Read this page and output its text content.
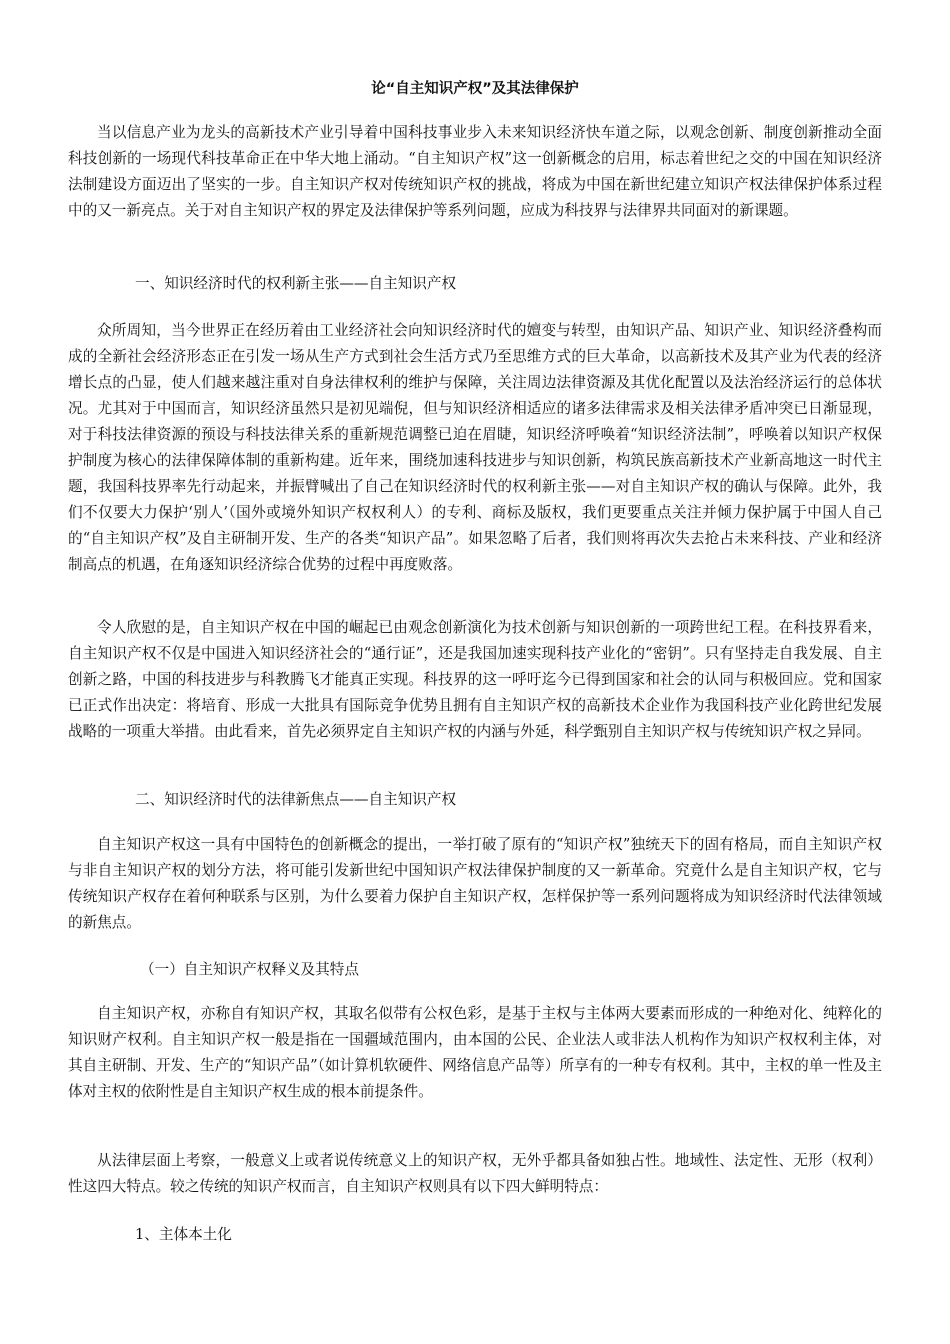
论“自主知识产权”及其法律保护

当以信息产业为龙头的高新技术产业引导着中国科技事业步入未来知识经济快车道之际，以观念创新、制度创新推动全面科技创新的一场现代科技革命正在中华大地上涌动。“自主知识产权”这一创新概念的启用，标志着世纪之交的中国在知识经济法制建设方面迈出了坚实的一步。自主知识产权对传统知识产权的挑战，将成为中国在新世纪建立知识产权法律保护体系过程中的又一新亮点。关于对自主知识产权的界定及法律保护等系列问题，应成为科技界与法律界共同面对的新课题。

一、知识经济时代的权利新主张——自主知识产权

众所周知，当今世界正在经历着由工业经济社会向知识经济时代的嬗变与转型，由知识产品、知识产业、知识经济叠构而成的全新社会经济形态正在引发一场从生产方式到社会生活方式乃至思维方式的巨大革命，以高新技术及其产业为代表的经济增长点的凸显，使人们越来越注重对自身法律权利的维护与保障，关注周边法律资源及其优化配置以及法治经济运行的总体状况。尤其对于中国而言，知识经济虽然只是初见端倪，但与知识经济相适应的诸多法律需求及相关法律矛盾冲突已日渐显现，对于科技法律资源的预设与科技法律关系的重新规范调整已迫在眉睫，知识经济呼唤着“知识经济法制”，呼唤着以知识产权保护制度为核心的法律保障体制的重新构建。近年来，围绕加速科技进步与知识创新，构筑民族高新技术产业新高地这一时代主题，我国科技界率先行动起来，并振臂喊出了自己在知识经济时代的权利新主张——对自主知识产权的确认与保障。此外，我们不仅要大力保护‘别人’（国外或境外知识产权权利人）的专利、商标及版权，我们更要重点关注并倾力保护属于中国人自己的“自主知识产权”及自主研制开发、生产的各类“知识产品”。如果忽略了后者，我们则将再次失去抢占未来科技、产业和经济制高点的机遇，在角逐知识经济综合优势的过程中再度败落。

令人欣慰的是，自主知识产权在中国的崛起已由观念创新演化为技术创新与知识创新的一项跨世纪工程。在科技界看来，自主知识产权不仅是中国进入知识经济社会的“通行证”，还是我国加速实现科技产业化的“密钥”。只有坚持走自我发展、自主创新之路，中国的科技进步与科教腾飞才能真正实现。科技界的这一呼吁迄今已得到国家和社会的认同与积极回应。党和国家已正式作出决定：将培育、形成一大批具有国际竞争优势且拥有自主知识产权的高新技术企业作为我国科技产业化跨世纪发展战略的一项重大举措。由此看来，首先必须界定自主知识产权的内涵与外延，科学甄别自主知识产权与传统知识产权之异同。

二、知识经济时代的法律新焦点——自主知识产权

自主知识产权这一具有中国特色的创新概念的提出，一举打破了原有的“知识产权”独统天下的固有格局，而自主知识产权与非自主知识产权的划分方法，将可能引发新世纪中国知识产权法律保护制度的又一新革命。究竟什么是自主知识产权，它与传统知识产权存在着何种联系与区别，为什么要着力保护自主知识产权，怎样保护等一系列问题将成为知识经济时代法律领域的新焦点。

（一）自主知识产权释义及其特点

自主知识产权，亦称自有知识产权，其取名似带有公权色彩，是基于主权与主体两大要素而形成的一种绝对化、纯粹化的知识财产权利。自主知识产权一般是指在一国疆域范围内，由本国的公民、企业法人或非法人机构作为知识产权权利主体，对其自主研制、开发、生产的“知识产品”（如计算机软硬件、网络信息产品等）所享有的一种专有权利。其中，主权的单一性及主体对主权的依附性是自主知识产权生成的根本前提条件。

从法律层面上考察，一般意义上或者说传统意义上的知识产权，无外乎都具备如独占性。地域性、法定性、无形（权利）性这四大特点。较之传统的知识产权而言，自主知识产权则具有以下四大鲜明特点：

1、主体本土化
